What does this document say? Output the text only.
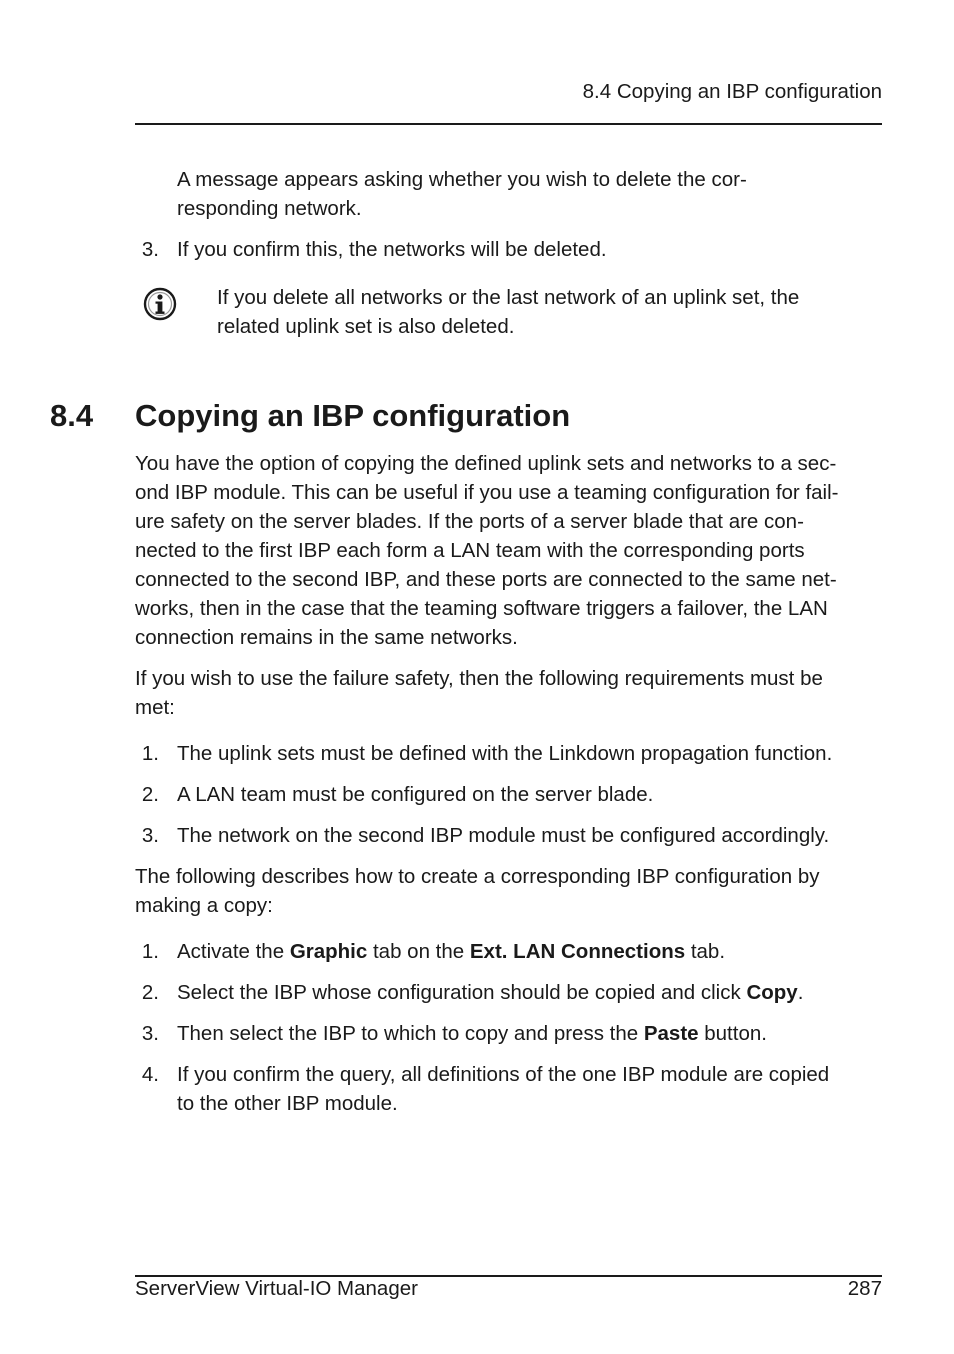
8.4 Copying an IBP configuration
A message appears asking whether you wish to delete the cor-
responding network.
3. If you confirm this, the networks will be deleted.
If you delete all networks or the last network of an uplink set, the
related uplink set is also deleted.
8.4 Copying an IBP configuration
You have the option of copying the defined uplink sets and networks to a sec-
ond IBP module. This can be useful if you use a teaming configuration for fail-
ure safety on the server blades. If the ports of a server blade that are con-
nected to the first IBP each form a LAN team with the corresponding ports
connected to the second IBP, and these ports are connected to the same net-
works, then in the case that the teaming software triggers a failover, the LAN
connection remains in the same networks.
If you wish to use the failure safety, then the following requirements must be
met:
1. The uplink sets must be defined with the Linkdown propagation function.
2. A LAN team must be configured on the server blade.
3. The network on the second IBP module must be configured accordingly.
The following describes how to create a corresponding IBP configuration by
making a copy:
1. Activate the Graphic tab on the Ext. LAN Connections tab.
2. Select the IBP whose configuration should be copied and click Copy.
3. Then select the IBP to which to copy and press the Paste button.
4. If you confirm the query, all definitions of the one IBP module are copied
to the other IBP module.
ServerView Virtual-IO Manager	287
